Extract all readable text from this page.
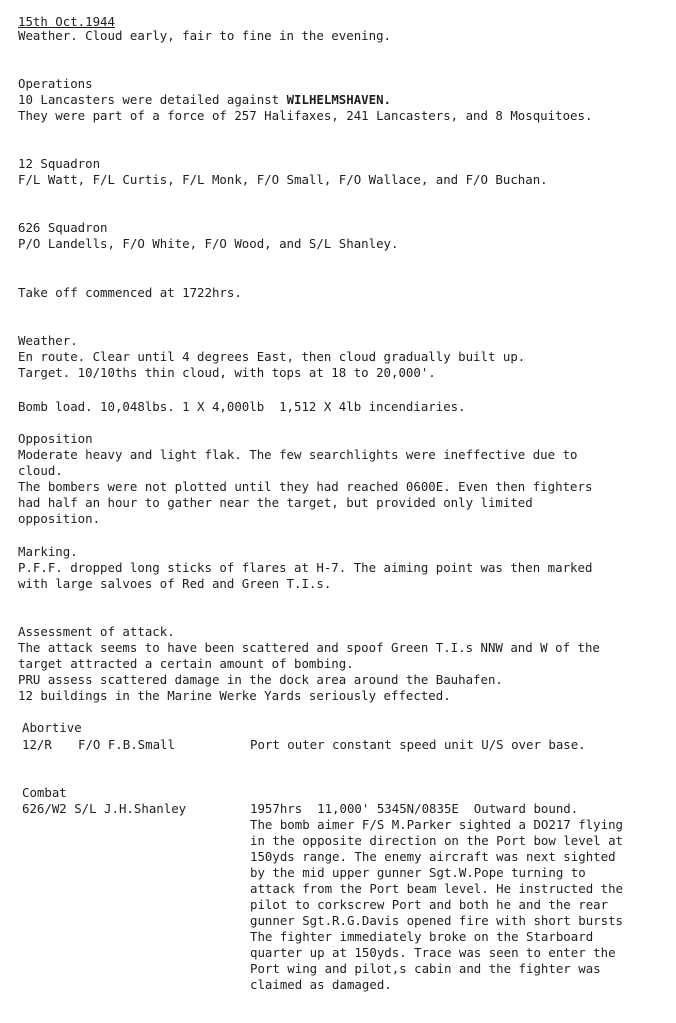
15th Oct.1944
Weather. Cloud early, fair to fine in the evening.
Operations
10 Lancasters were detailed against WILHELMSHAVEN.
They were part of a force of 257 Halifaxes, 241 Lancasters, and 8 Mosquitoes.
12 Squadron
F/L Watt, F/L Curtis, F/L Monk, F/O Small, F/O Wallace, and F/O Buchan.
626 Squadron
P/O Landells, F/O White, F/O Wood, and S/L Shanley.
Take off commenced at 1722hrs.
Weather.
En route. Clear until 4 degrees East, then cloud gradually built up.
Target. 10/10ths thin cloud, with tops at 18 to 20,000'.
Bomb load. 10,048lbs. 1 X 4,000lb  1,512 X 4lb incendiaries.
Opposition
Moderate heavy and light flak. The few searchlights were ineffective due to
cloud.
The bombers were not plotted until they had reached 0600E. Even then fighters
had half an hour to gather near the target, but provided only limited
opposition.
Marking.
P.F.F. dropped long sticks of flares at H-7. The aiming point was then marked
with large salvoes of Red and Green T.I.s.
Assessment of attack.
The attack seems to have been scattered and spoof Green T.I.s NNW and W of the
target attracted a certain amount of bombing.
PRU assess scattered damage in the dock area around the Bauhafen.
12 buildings in the Marine Werke Yards seriously effected.
Abortive
12/R F/O F.B.Small	Port outer constant speed unit U/S over base.
Combat
626/W2 S/L J.H.Shanley	1957hrs  11,000' 5345N/0835E  Outward bound.
The bomb aimer F/S M.Parker sighted a DO217 flying
in the opposite direction on the Port bow level at
150yds range. The enemy aircraft was next sighted
by the mid upper gunner Sgt.W.Pope turning to
attack from the Port beam level. He instructed the
pilot to corkscrew Port and both he and the rear
gunner Sgt.R.G.Davis opened fire with short bursts
The fighter immediately broke on the Starboard
quarter up at 150yds. Trace was seen to enter the
Port wing and pilot,s cabin and the fighter was
claimed as damaged.
